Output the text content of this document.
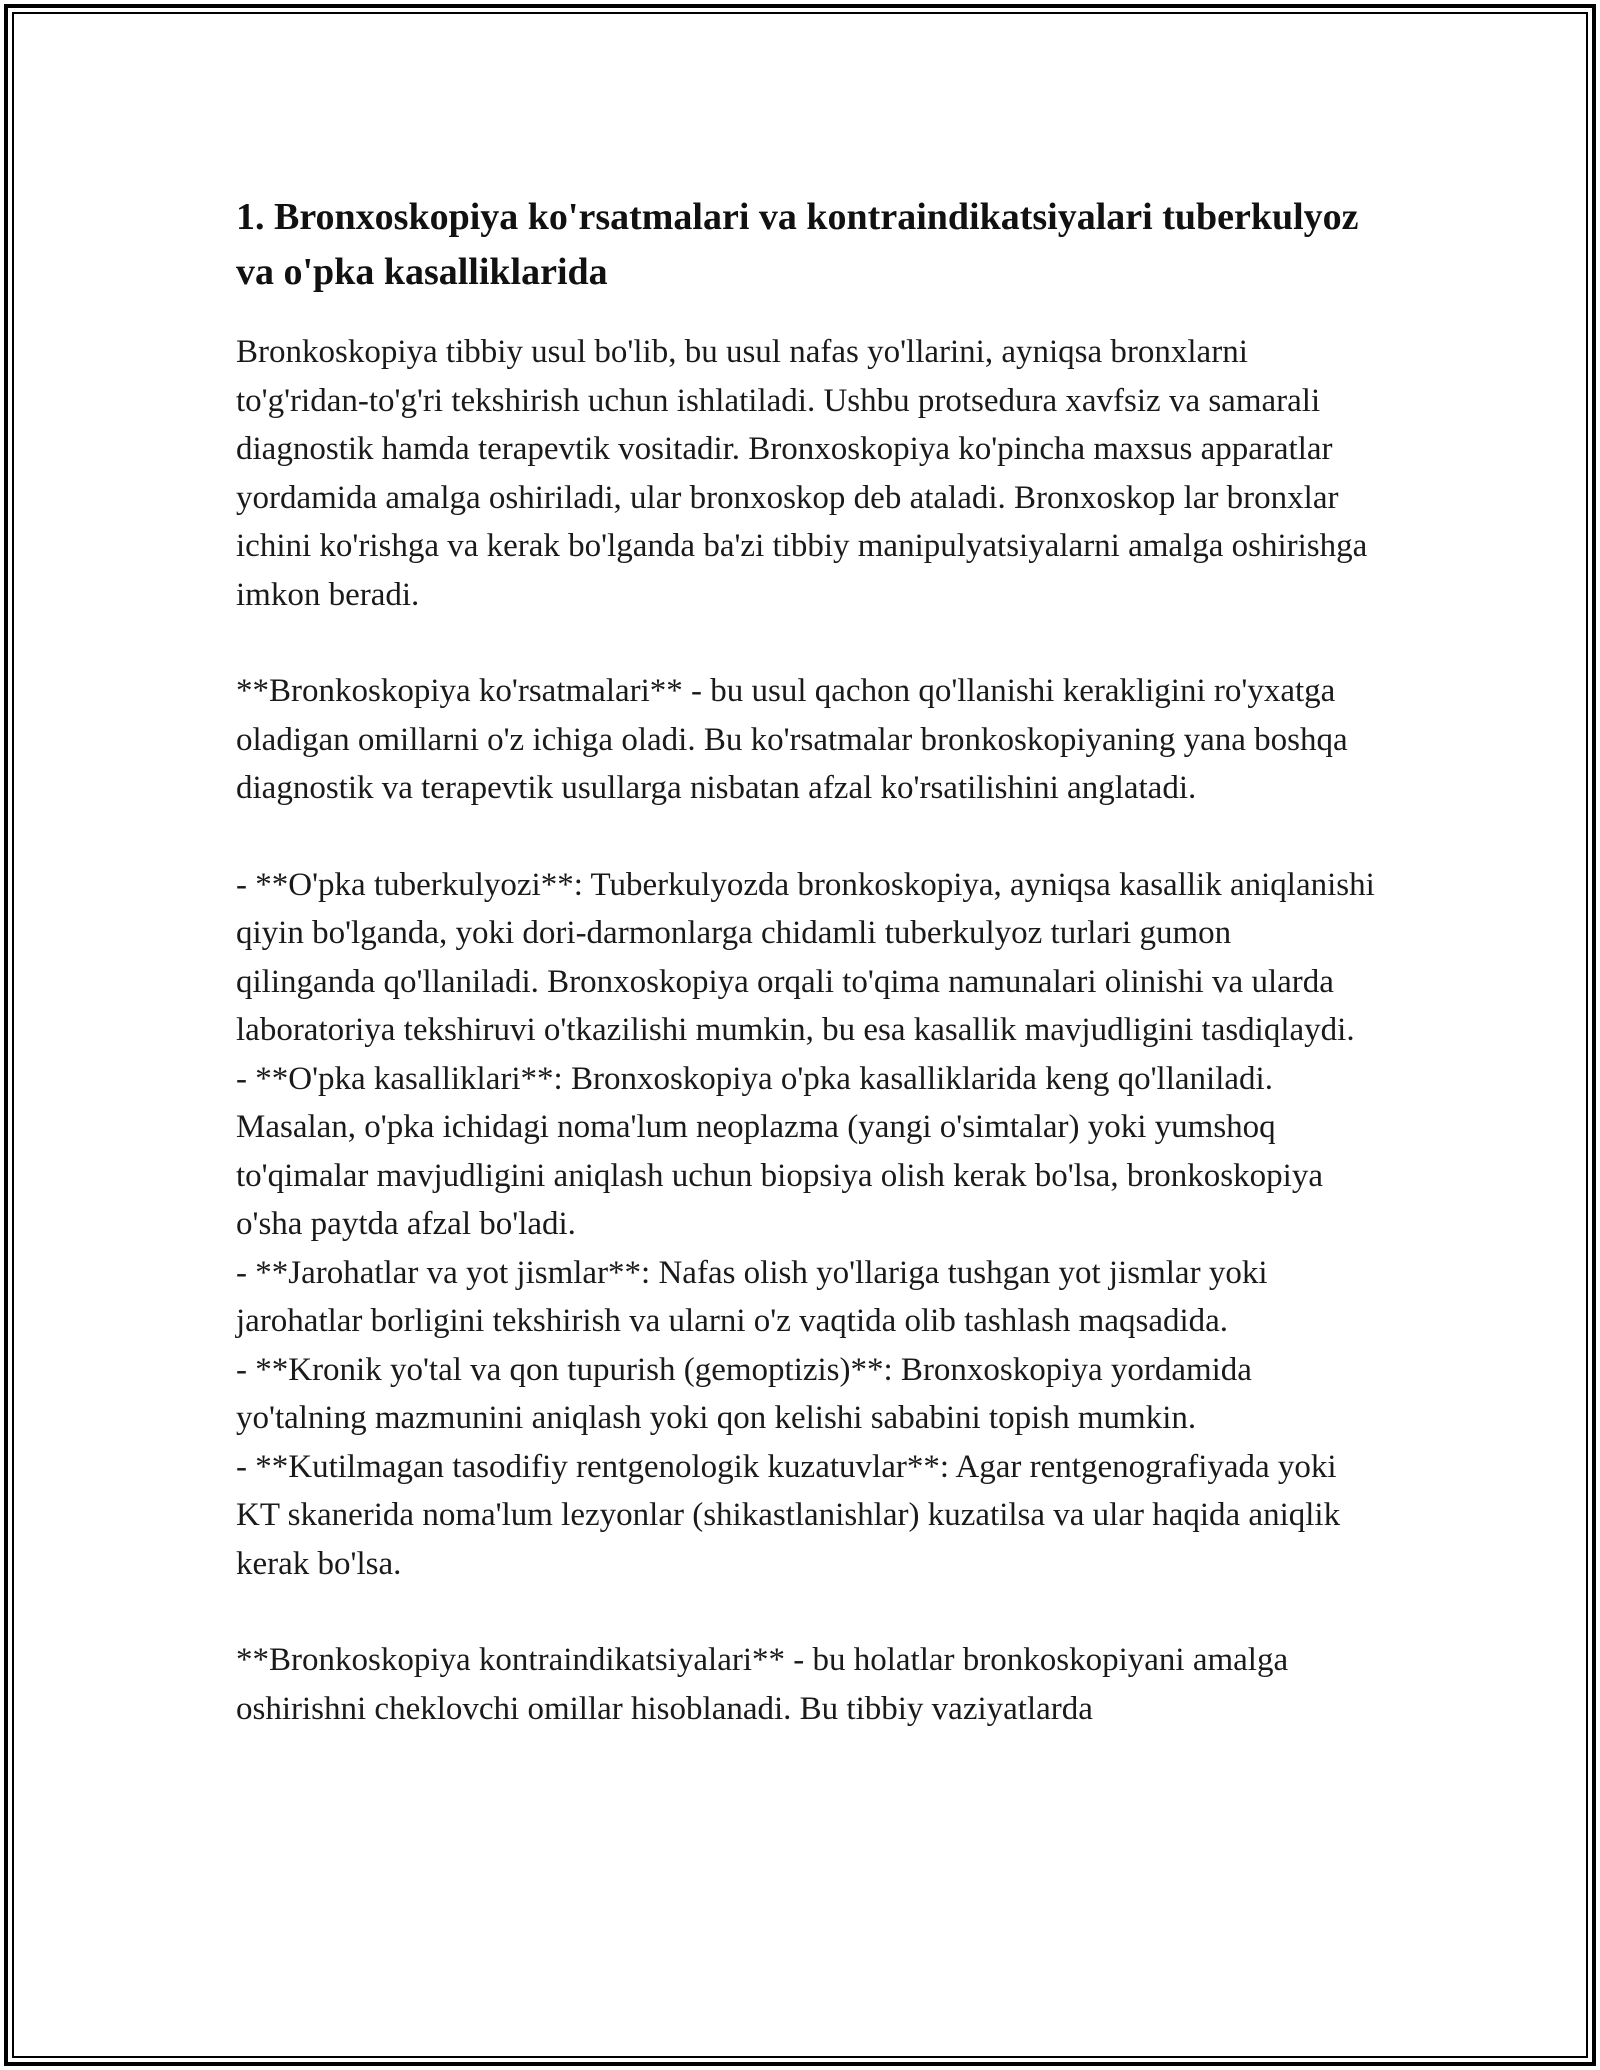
1. Bronxoskopiya ko'rsatmalari va kontraindikatsiyalari tuberkulyoz va o'pka kasalliklarida

Bronkoskopiya tibbiy usul bo'lib, bu usul nafas yo'llarini, ayniqsa bronxlarni to'g'ridan-to'g'ri tekshirish uchun ishlatiladi. Ushbu protsedura xavfsiz va samarali diagnostik hamda terapevtik vositadir. Bronxoskopiya ko'pincha maxsus apparatlar yordamida amalga oshiriladi, ular bronxoskop deb ataladi. Bronxoskop lar bronxlar ichini ko'rishga va kerak bo'lganda ba'zi tibbiy manipulyatsiyalarni amalga oshirishga imkon beradi.

**Bronkoskopiya ko'rsatmalari** - bu usul qachon qo'llanishi kerakligini ro'yxatga oladigan omillarni o'z ichiga oladi. Bu ko'rsatmalar bronkoskopiyaning yana boshqa diagnostik va terapevtik usullarga nisbatan afzal ko'rsatilishini anglatadi.

- **O'pka tuberkulyozi**: Tuberkulyozda bronkoskopiya, ayniqsa kasallik aniqlanishi qiyin bo'lganda, yoki dori-darmonlarga chidamli tuberkulyoz turlari gumon qilinganda qo'llaniladi. Bronxoskopiya orqali to'qima namunalari olinishi va ularda laboratoriya tekshiruvi o'tkazilishi mumkin, bu esa kasallik mavjudligini tasdiqlaydi.
- **O'pka kasalliklari**: Bronxoskopiya o'pka kasalliklarida keng qo'llaniladi. Masalan, o'pka ichidagi noma'lum neoplazma (yangi o'simtalar) yoki yumshoq to'qimalar mavjudligini aniqlash uchun biopsiya olish kerak bo'lsa, bronkoskopiya o'sha paytda afzal bo'ladi.
- **Jarohatlar va yot jismlar**: Nafas olish yo'llariga tushgan yot jismlar yoki jarohatlar borligini tekshirish va ularni o'z vaqtida olib tashlash maqsadida.
- **Kronik yo'tal va qon tupurish (gemoptizis)**: Bronxoskopiya yordamida yo'talning mazmunini aniqlash yoki qon kelishi sababini topish mumkin.
- **Kutilmagan tasodifiy rentgenologik kuzatuvlar**: Agar rentgenografiyada yoki KT skanerida noma'lum lezyonlar (shikastlanishlar) kuzatilsa va ular haqida aniqlik kerak bo'lsa.

**Bronkoskopiya kontraindikatsiyalari** - bu holatlar bronkoskopiyani amalga oshirishni cheklovchi omillar hisoblanadi. Bu tibbiy vaziyatlarda
